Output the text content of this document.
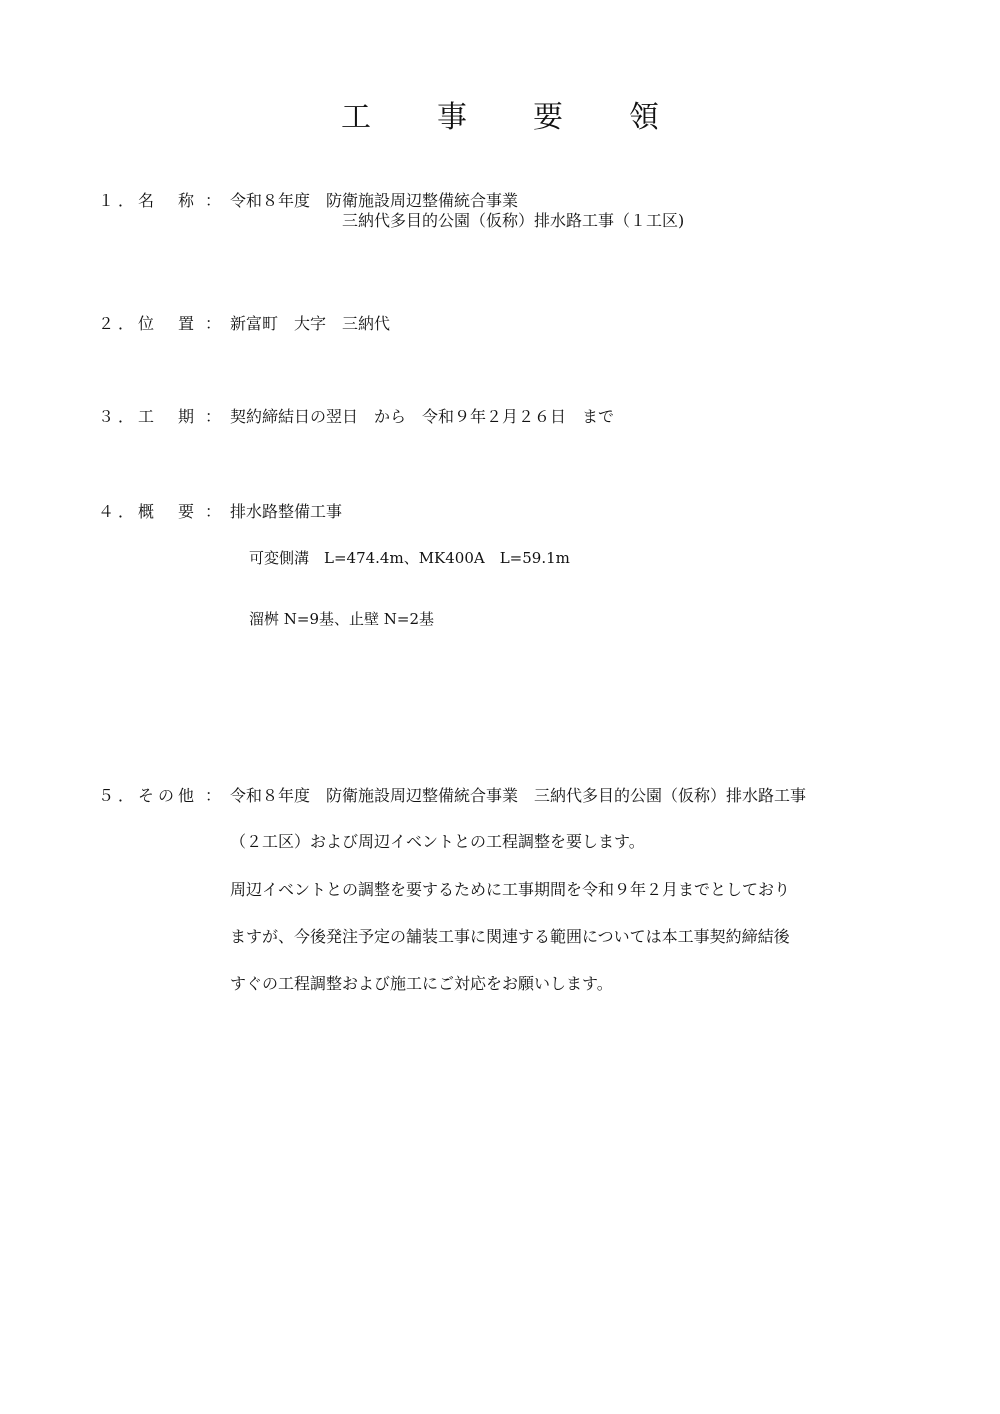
工　事　要　領
１．名　称 ： 令和８年度　防衛施設周辺整備統合事業
三納代多目的公園（仮称）排水路工事（１工区)
２．位　置 ： 新富町　大字　三納代
３．工　期 ： 契約締結日の翌日　から　令和９年２月２６日　まで
４．概　要 ： 排水路整備工事
可変側溝　L=474.4m、MK400A　L=59.1m
溜桝 N=9基、止壁 N=2基
５．その他 ： 令和８年度　防衛施設周辺整備統合事業　三納代多目的公園（仮称）排水路工事
（２工区）および周辺イベントとの工程調整を要します。
周辺イベントとの調整を要するために工事期間を令和９年２月までとしており
ますが、今後発注予定の舗装工事に関連する範囲については本工事契約締結後
すぐの工程調整および施工にご対応をお願いします。
